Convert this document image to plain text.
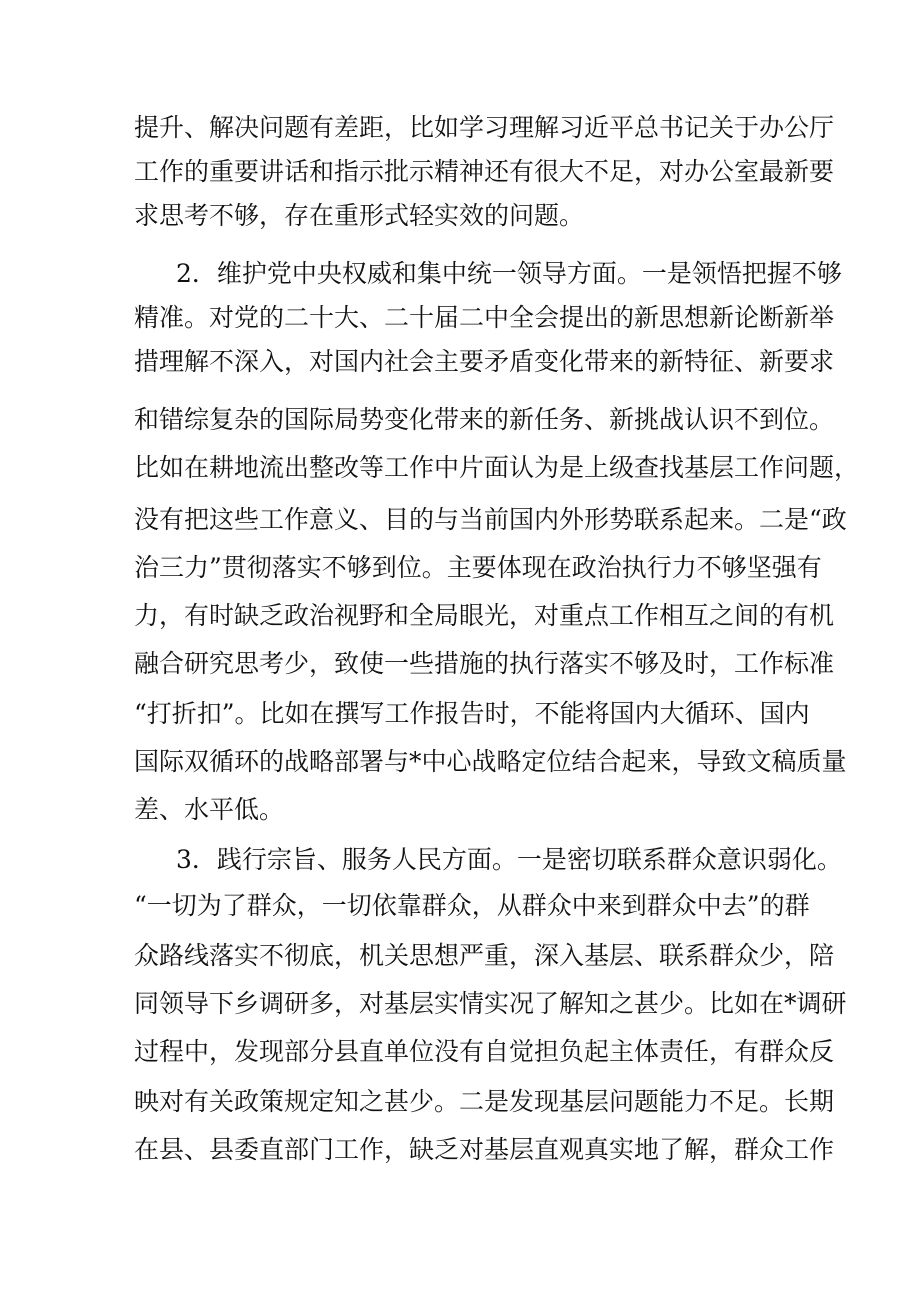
提升、解决问题有差距，比如学习理解习近平总书记关于办公厅
工作的重要讲话和指示批示精神还有很大不足，对办公室最新要
求思考不够，存在重形式轻实效的问题。
2．维护党中央权威和集中统一领导方面。一是领悟把握不够
精准。对党的二十大、二十届二中全会提出的新思想新论断新举
措理解不深入，对国内社会主要矛盾变化带来的新特征、新要求
和错综复杂的国际局势变化带来的新任务、新挑战认识不到位。
比如在耕地流出整改等工作中片面认为是上级查找基层工作问题，
没有把这些工作意义、目的与当前国内外形势联系起来。二是“政
治三力”贯彻落实不够到位。主要体现在政治执行力不够坚强有
力，有时缺乏政治视野和全局眼光，对重点工作相互之间的有机
融合研究思考少，致使一些措施的执行落实不够及时，工作标准
“打折扣”。比如在撰写工作报告时，不能将国内大循环、国内
国际双循环的战略部署与*中心战略定位结合起来，导致文稿质量
差、水平低。
3．践行宗旨、服务人民方面。一是密切联系群众意识弱化。
“一切为了群众，一切依靠群众，从群众中来到群众中去”的群
众路线落实不彻底，机关思想严重，深入基层、联系群众少，陪
同领导下乡调研多，对基层实情实况了解知之甚少。比如在*调研
过程中，发现部分县直单位没有自觉担负起主体责任，有群众反
映对有关政策规定知之甚少。二是发现基层问题能力不足。长期
在县、县委直部门工作，缺乏对基层直观真实地了解，群众工作
